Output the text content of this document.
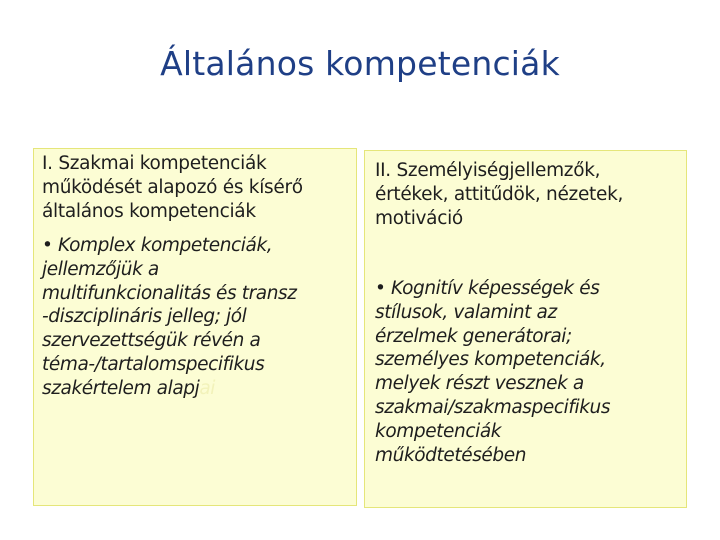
Általános kompetenciák
I. Szakmai kompetenciák
működését alapozó és kísérő
általános kompetenciák
• Komplex kompetenciák,
jellemzőjük a
multifunkcionalitás és transz
-diszciplináris jelleg; jól
szervezettségük révén a
téma-/tartalomspecifikus
szakértelem alapjai
II. Személyiségjellemzők,
értékek, attitűdök, nézetek,
motiváció
• Kognitív képességek és
stílusok, valamint az
érzelmek generátorai;
személyes kompetenciák,
melyek részt vesznek a
szakmai/szakmaspecifikus
kompetenciák
működtetésében
